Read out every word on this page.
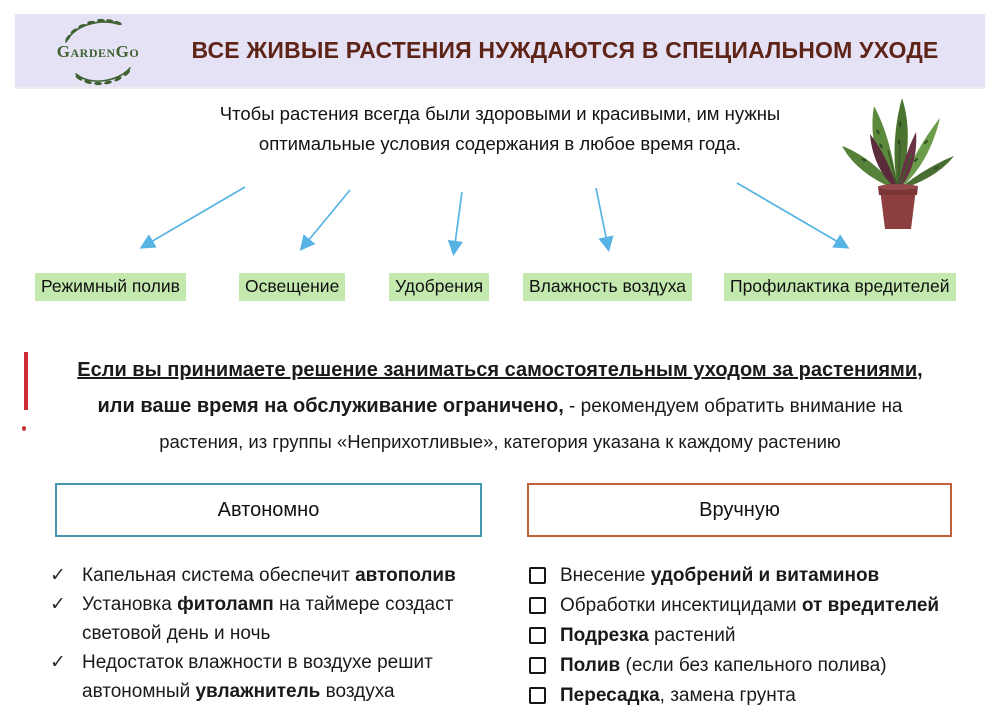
GardenGo	ВСЕ ЖИВЫЕ РАСТЕНИЯ НУЖДАЮТСЯ В СПЕЦИАЛЬНОМ УХОДЕ
Чтобы растения всегда были здоровыми и красивыми, им нужны
оптимальные условия содержания в любое время года.
Режимный полив	Освещение	Удобрения	Влажность воздуха	Профилактика вредителей
Если вы принимаете решение заниматься самостоятельным уходом за растениями,
или ваше время на обслуживание ограничено, - рекомендуем обратить внимание на
растения, из группы «Неприхотливые», категория указана к каждому растению
Автономно	Вручную
✓ Капельная система обеспечит автополив
✓ Установка фитоламп на таймере создаст световой день и ночь
✓ Недостаток влажности в воздухе решит автономный увлажнитель воздуха
Внесение удобрений и витаминов
Обработки инсектицидами от вредителей
Подрезка растений
Полив (если без капельного полива)
Пересадка, замена грунта
